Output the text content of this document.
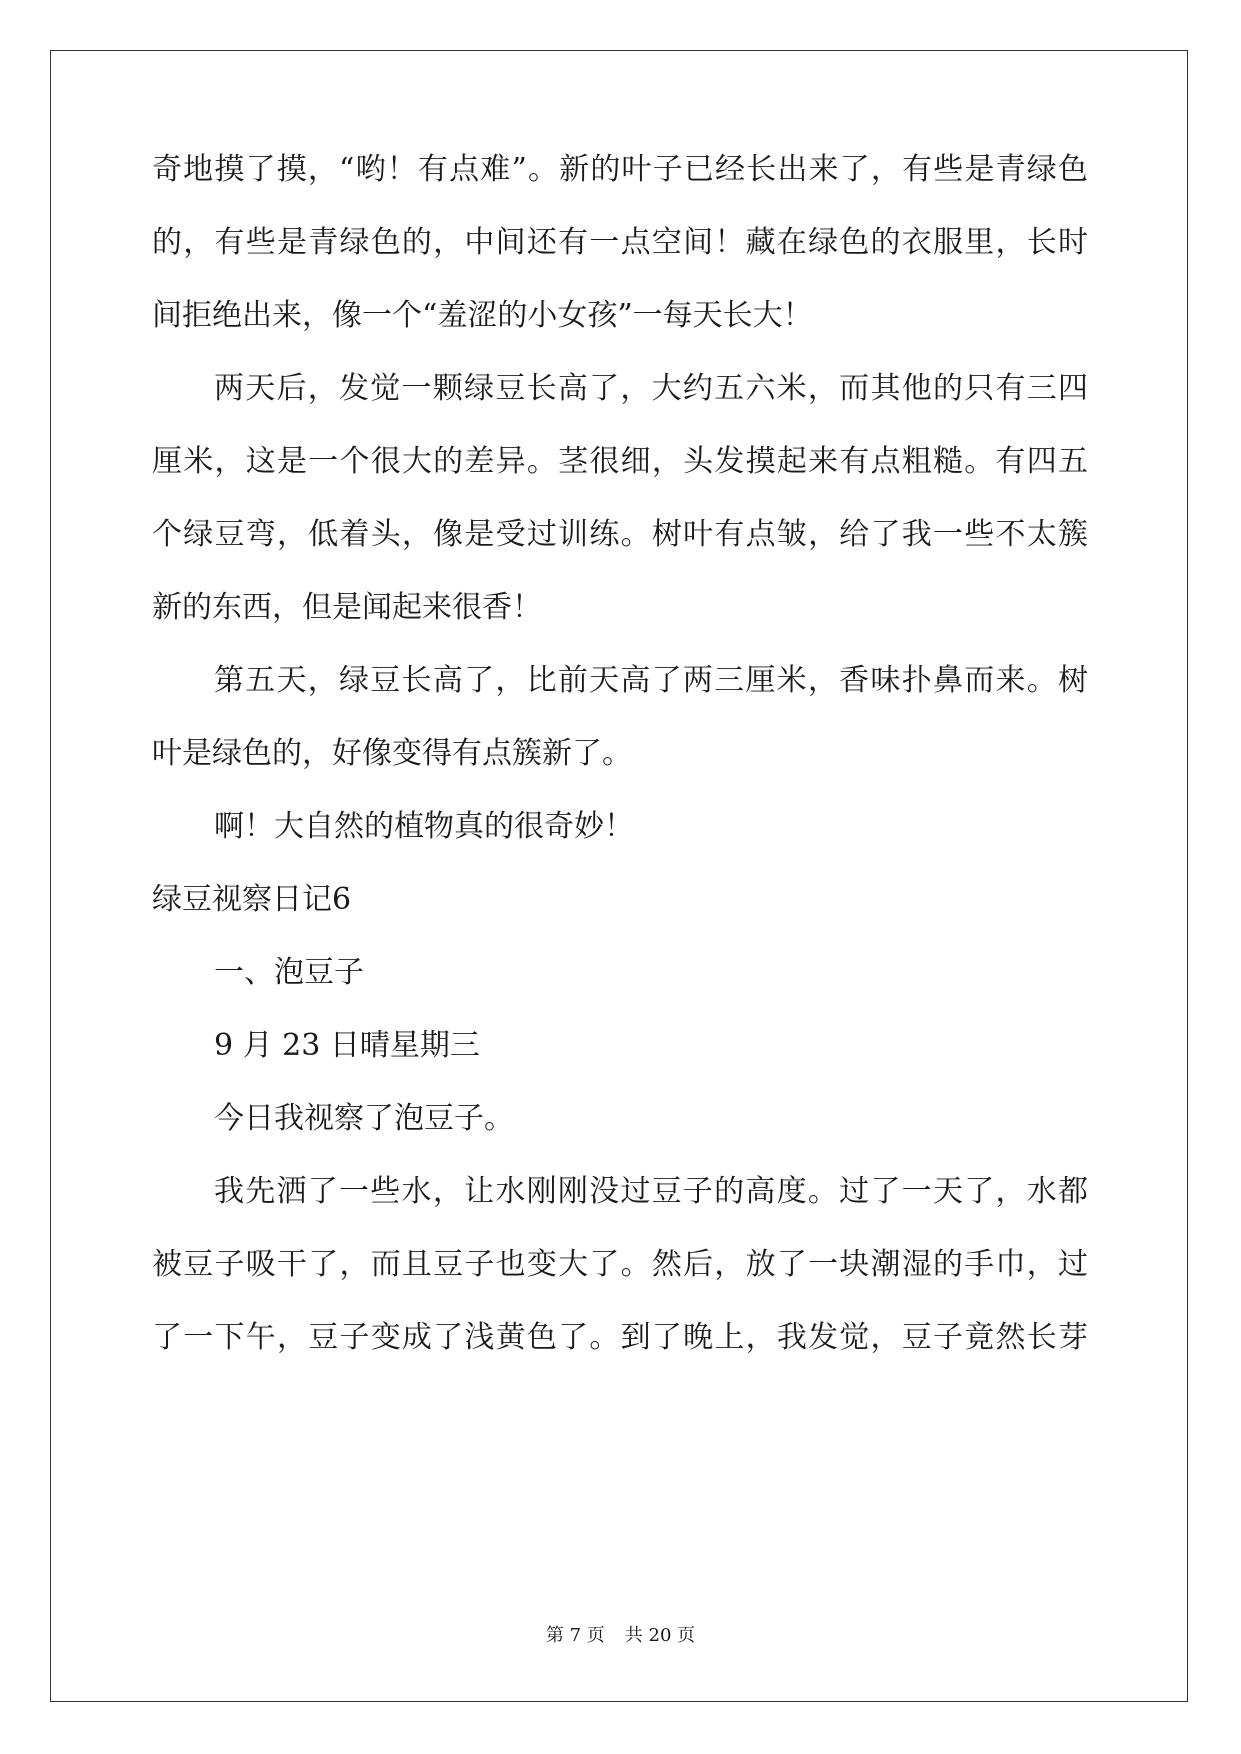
奇地摸了摸，“哟！有点难”。新的叶子已经长出来了，有些是青绿色
的，有些是青绿色的，中间还有一点空间！藏在绿色的衣服里，长时
间拒绝出来，像一个“羞涩的小女孩”一每天长大！
两天后，发觉一颗绿豆长高了，大约五六米，而其他的只有三四
厘米，这是一个很大的差异。茎很细，头发摸起来有点粗糙。有四五
个绿豆弯，低着头，像是受过训练。树叶有点皱，给了我一些不太簇
新的东西，但是闻起来很香！
第五天，绿豆长高了，比前天高了两三厘米，香味扑鼻而来。树
叶是绿色的，好像变得有点簇新了。
啊！大自然的植物真的很奇妙！
绿豆视察日记6
一、泡豆子
9 月 23 日晴星期三
今日我视察了泡豆子。
我先洒了一些水，让水刚刚没过豆子的高度。过了一天了，水都
被豆子吸干了，而且豆子也变大了。然后，放了一块潮湿的手巾，过
了一下午，豆子变成了浅黄色了。到了晚上，我发觉，豆子竟然长芽
第 7 页 共 20 页
